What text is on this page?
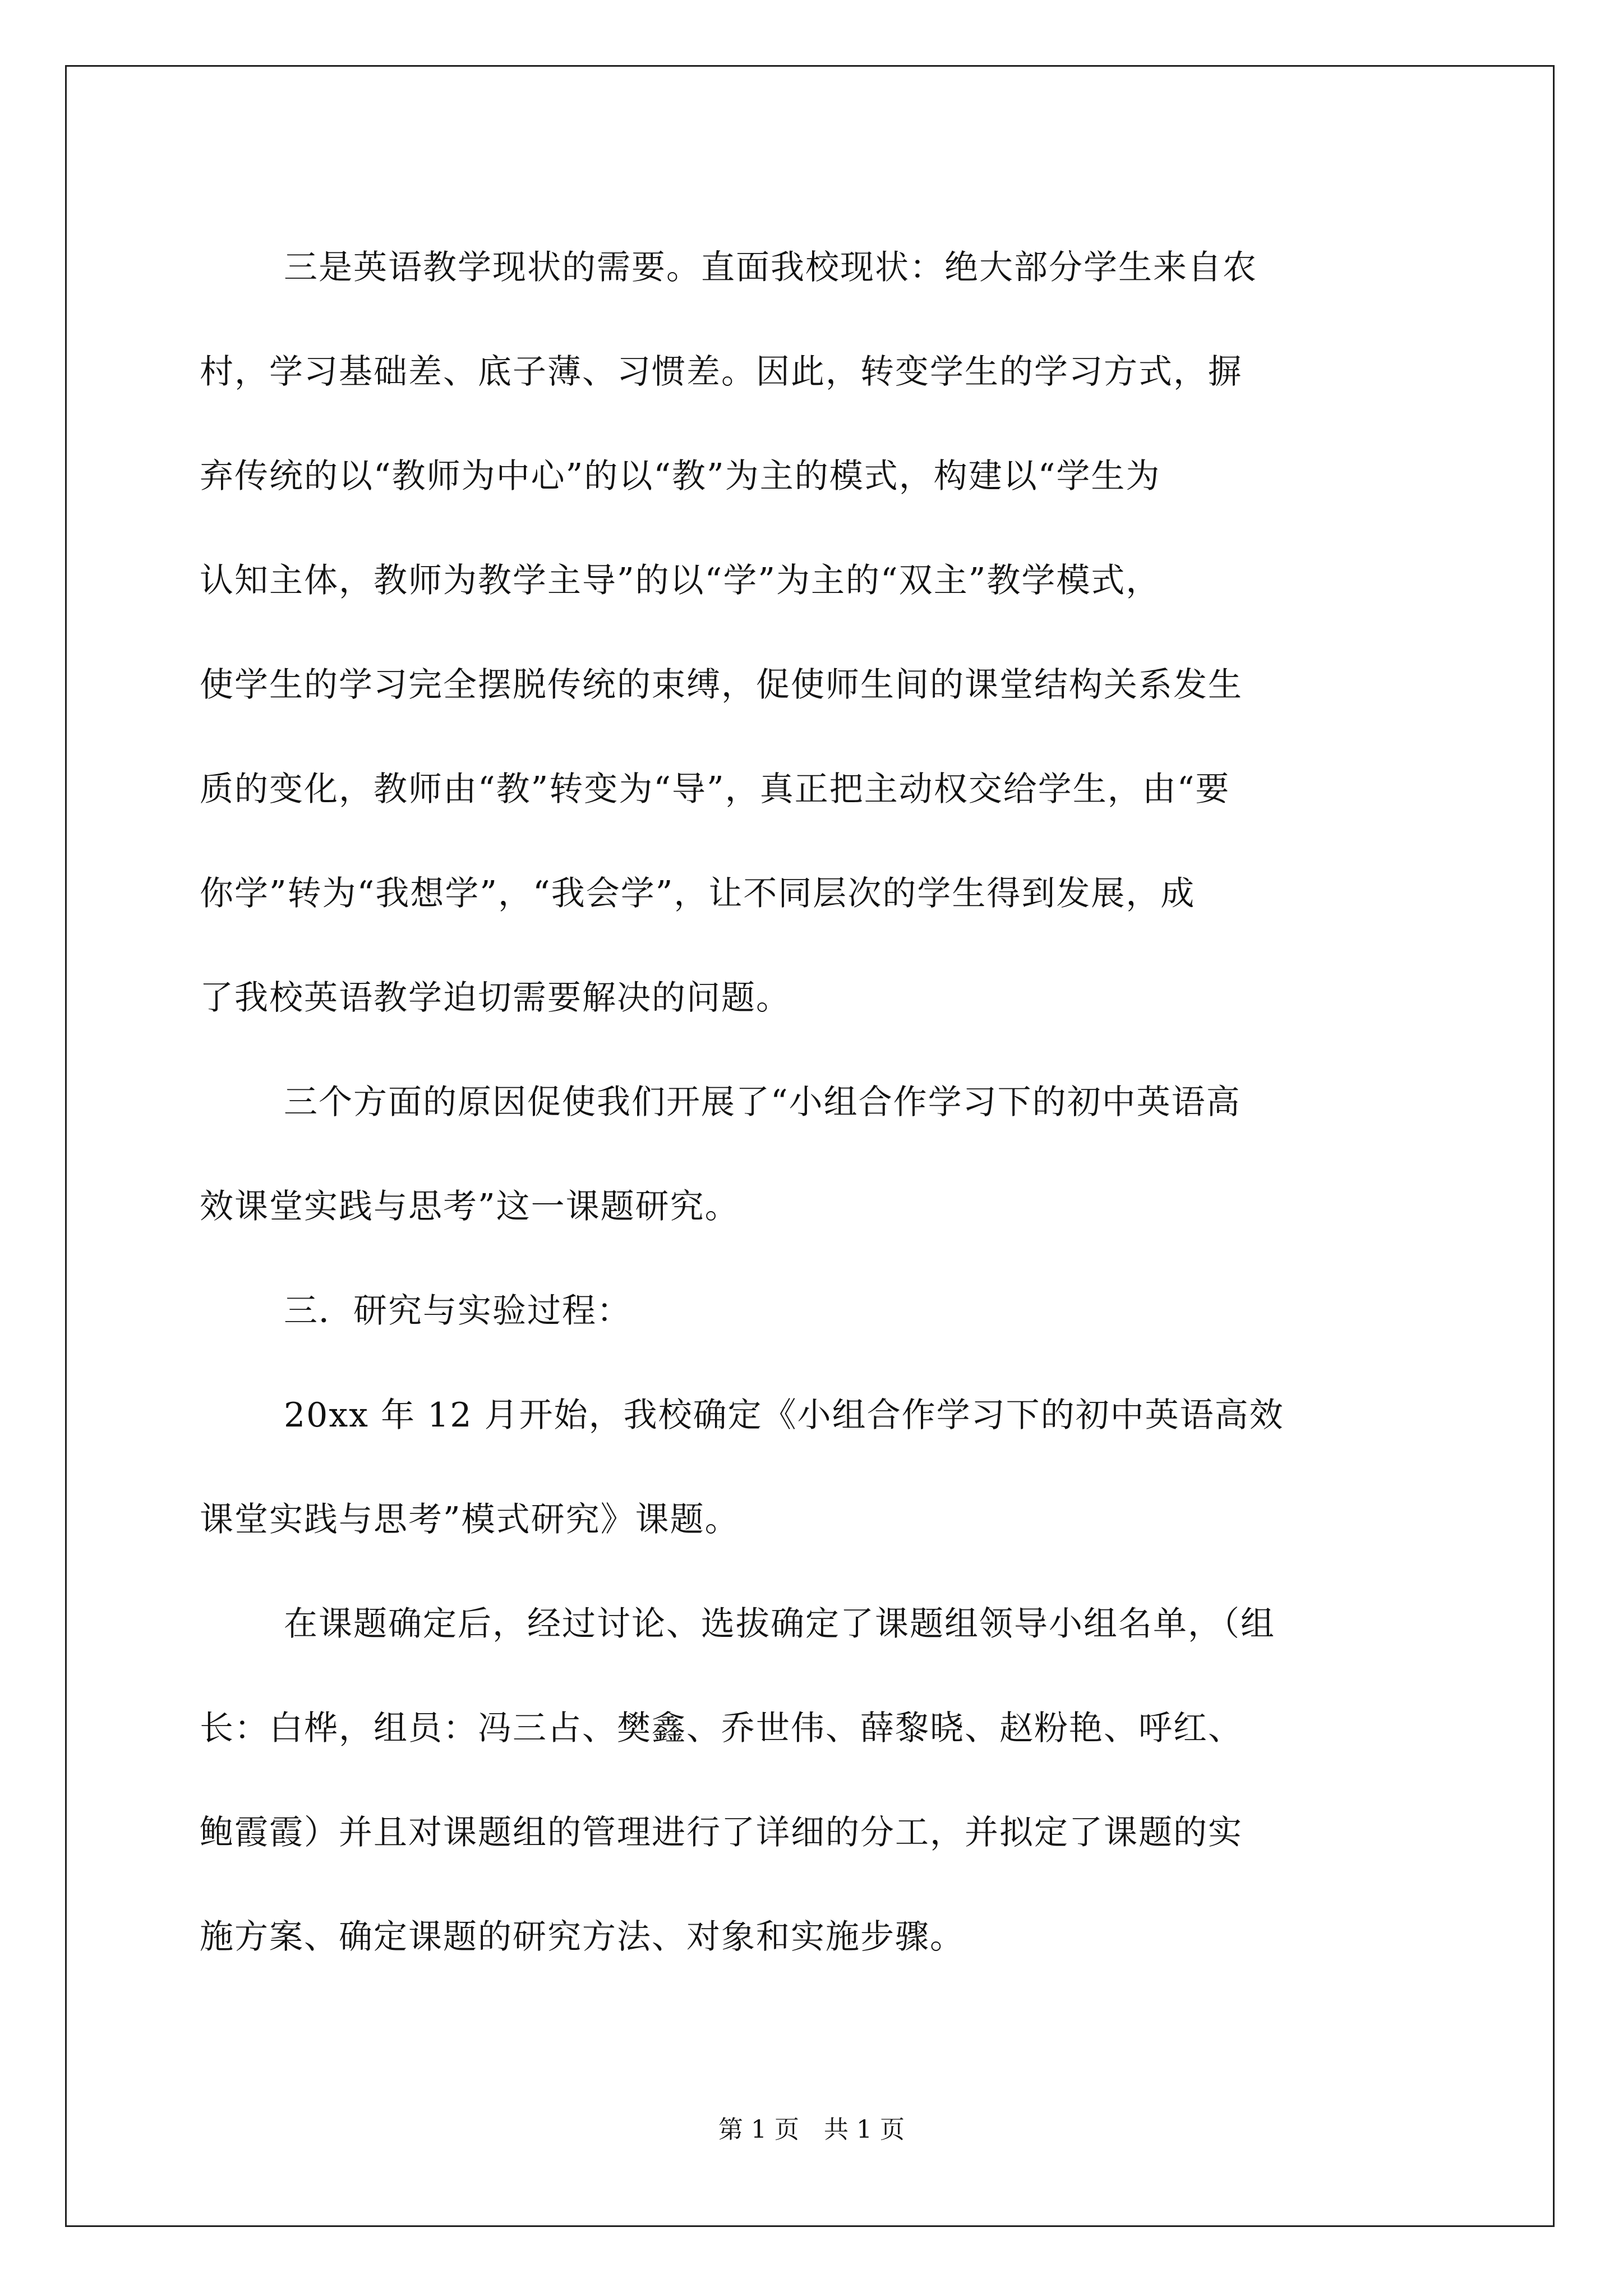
三是英语教学现状的需要。直面我校现状：绝大部分学生来自农
村，学习基础差、底子薄、习惯差。因此，转变学生的学习方式，摒
弃传统的以“教师为中心”的以“教”为主的模式，构建以“学生为
认知主体，教师为教学主导”的以“学”为主的“双主”教学模式，
使学生的学习完全摆脱传统的束缚，促使师生间的课堂结构关系发生
质的变化，教师由“教”转变为“导”，真正把主动权交给学生，由“要
你学”转为“我想学”，“我会学”，让不同层次的学生得到发展，成
了我校英语教学迫切需要解决的问题。
三个方面的原因促使我们开展了“小组合作学习下的初中英语高
效课堂实践与思考”这一课题研究。
三．研究与实验过程：
20xx 年 12 月开始，我校确定《小组合作学习下的初中英语高效
课堂实践与思考”模式研究》课题。
在课题确定后，经过讨论、选拔确定了课题组领导小组名单，（组
长：白桦，组员：冯三占、樊鑫、乔世伟、薛黎晓、赵粉艳、呼红、
鲍霞霞）并且对课题组的管理进行了详细的分工，并拟定了课题的实
施方案、确定课题的研究方法、对象和实施步骤。
第 1 页　共 1 页
